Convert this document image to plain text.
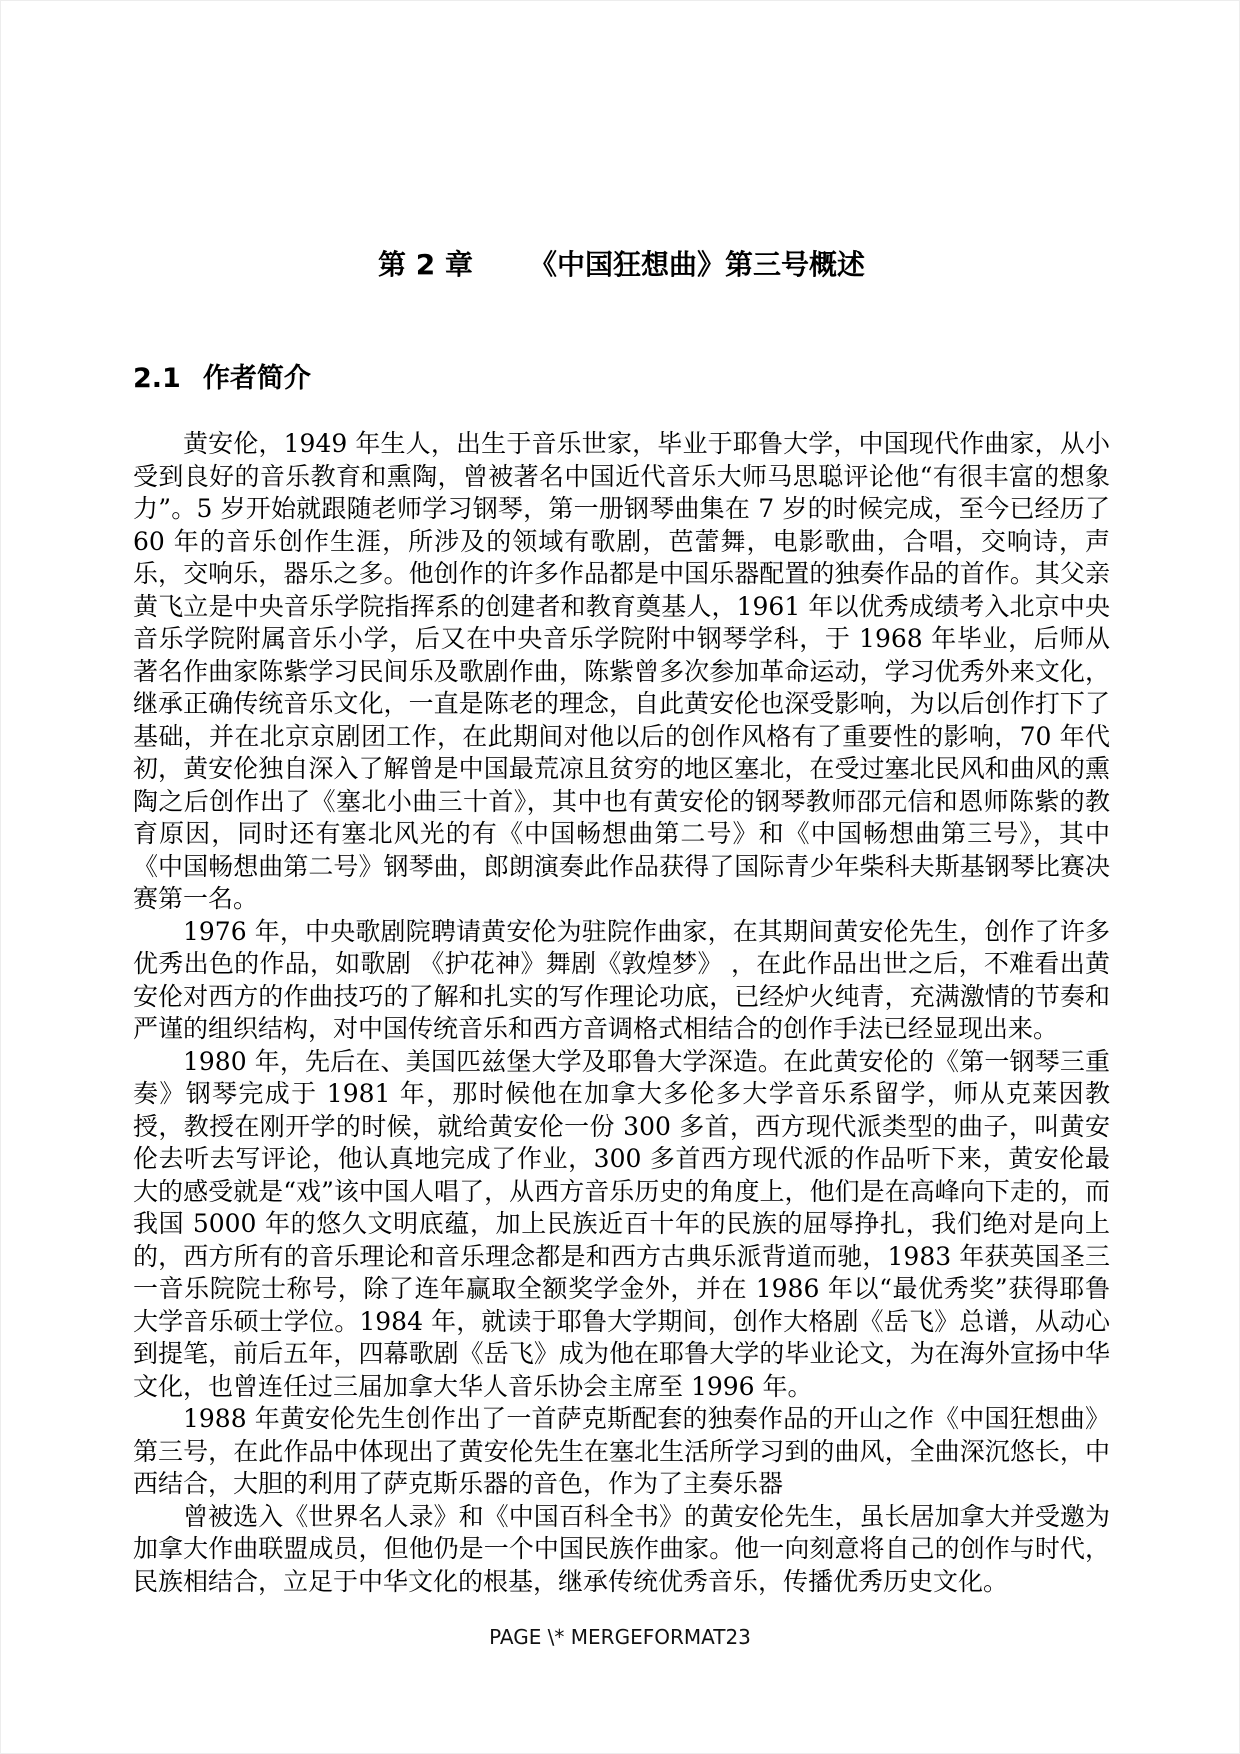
第 2 章 《中国狂想曲》第三号概述
2.1 作者简介

黄安伦，1949 年生人，出生于音乐世家，毕业于耶鲁大学，中国现代作曲家，从小受到良好的音乐教育和熏陶，曾被著名中国近代音乐大师马思聪评论他“有很丰富的想象力”。5 岁开始就跟随老师学习钢琴，第一册钢琴曲集在 7 岁的时候完成，至今已经历了 60 年的音乐创作生涯，所涉及的领域有歌剧，芭蕾舞，电影歌曲，合唱，交响诗，声乐，交响乐，器乐之多。他创作的许多作品都是中国乐器配置的独奏作品的首作。其父亲黄飞立是中央音乐学院指挥系的创建者和教育奠基人，1961 年以优秀成绩考入北京中央音乐学院附属音乐小学，后又在中央音乐学院附中钢琴学科，于 1968 年毕业，后师从著名作曲家陈紫学习民间乐及歌剧作曲，陈紫曾多次参加革命运动，学习优秀外来文化，继承正确传统音乐文化，一直是陈老的理念，自此黄安伦也深受影响，为以后创作打下了基础，并在北京京剧团工作，在此期间对他以后的创作风格有了重要性的影响，70 年代初，黄安伦独自深入了解曾是中国最荒凉且贫穷的地区塞北，在受过塞北民风和曲风的熏陶之后创作出了《塞北小曲三十首》，其中也有黄安伦的钢琴教师邵元信和恩师陈紫的教育原因，同时还有塞北风光的有《中国畅想曲第二号》和《中国畅想曲第三号》，其中《中国畅想曲第二号》钢琴曲，郎朗演奏此作品获得了国际青少年柴科夫斯基钢琴比赛决赛第一名。

1976 年，中央歌剧院聘请黄安伦为驻院作曲家，在其期间黄安伦先生，创作了许多优秀出色的作品，如歌剧 《护花神》舞剧《敦煌梦》 ，在此作品出世之后，不难看出黄安伦对西方的作曲技巧的了解和扎实的写作理论功底，已经炉火纯青，充满激情的节奏和严谨的组织结构，对中国传统音乐和西方音调格式相结合的创作手法已经显现出来。

1980 年，先后在、美国匹兹堡大学及耶鲁大学深造。在此黄安伦的《第一钢琴三重奏》钢琴完成于 1981 年，那时候他在加拿大多伦多大学音乐系留学，师从克莱因教授，教授在刚开学的时候，就给黄安伦一份 300 多首，西方现代派类型的曲子，叫黄安伦去听去写评论，他认真地完成了作业，300 多首西方现代派的作品听下来，黄安伦最大的感受就是“戏”该中国人唱了，从西方音乐历史的角度上，他们是在高峰向下走的，而我国 5000 年的悠久文明底蕴，加上民族近百十年的民族的屈辱挣扎，我们绝对是向上的，西方所有的音乐理论和音乐理念都是和西方古典乐派背道而驰，1983 年获英国圣三一音乐院院士称号，除了连年赢取全额奖学金外，并在 1986 年以“最优秀奖”获得耶鲁大学音乐硕士学位。1984 年，就读于耶鲁大学期间，创作大格剧《岳飞》总谱，从动心到提笔，前后五年，四幕歌剧《岳飞》成为他在耶鲁大学的毕业论文，为在海外宣扬中华文化，也曾连任过三届加拿大华人音乐协会主席至 1996 年。

1988 年黄安伦先生创作出了一首萨克斯配套的独奏作品的开山之作《中国狂想曲》第三号，在此作品中体现出了黄安伦先生在塞北生活所学习到的曲风，全曲深沉悠长，中西结合，大胆的利用了萨克斯乐器的音色，作为了主奏乐器

曾被选入《世界名人录》和《中国百科全书》的黄安伦先生，虽长居加拿大并受邀为加拿大作曲联盟成员，但他仍是一个中国民族作曲家。他一向刻意将自己的创作与时代，民族相结合，立足于中华文化的根基，继承传统优秀音乐，传播优秀历史文化。

PAGE \* MERGEFORMAT23
